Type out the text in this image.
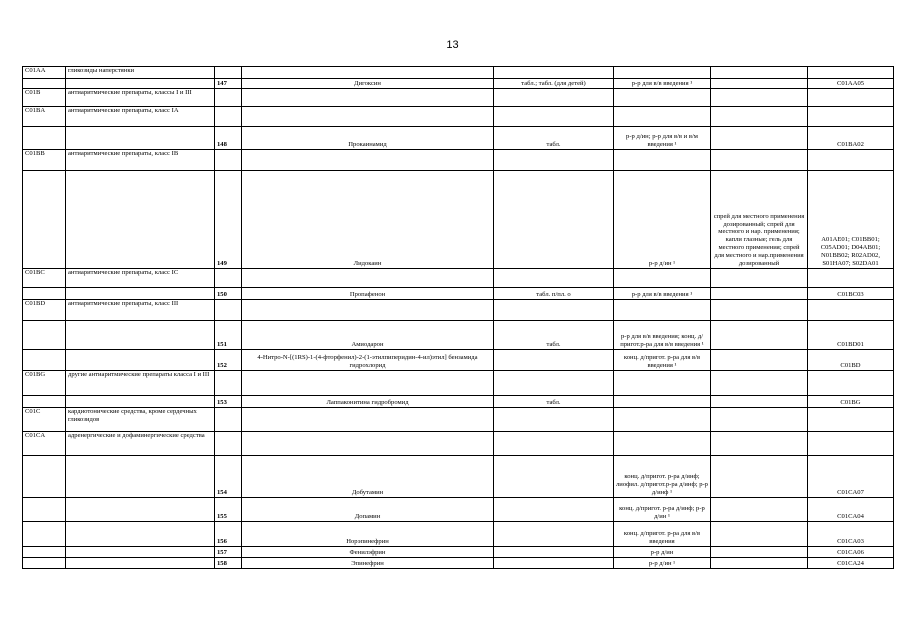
13
C01AA	гликозиды наперстянки						
		147	Дигоксин	табл.; табл. (для детей)	р-р для в/в введения ¹		C01AA05
C01B	антиаритмические препараты, классы I и III						
C01BA	антиаритмические препараты, класс IA						
		148	Прокаинамид	табл.	р-р д/ин; р-р для в/в и в/м введения ¹		C01BA02
C01BB	антиаритмические препараты, класс IB						
		149	Лидокаин		р-р д/ин ¹	спрей для местного применения дозированный; спрей для местного и нар. применения; капли глазные; гель для местного применения; спрей для местного и нар.применения дозированный	A01AE01; C01BB01; C05AD01; D04AB01; N01BB02; R02AD02, S01HA07; S02DA01
C01BC	антиаритмические препараты, класс IC						
		150	Пропафенон	табл. п/пл. о	р-р для в/в введения ¹		C01BC03
C01BD	антиаритмические препараты, класс III						
		151	Амиодарон	табл.	р-р для в/в введения; конц. д/пригот.р-ра для в/в введения ¹		C01BD01
		152	4-Нитро-N-[(1RS)-1-(4-фторфенил)-2-(1-этилпиперидин-4-ил)этил] бензамида гидрохлорид		конц. д/пригот. р-ра для в/в введения ¹		C01BD
C01BG	другие антиаритмические препараты класса I и III						
		153	Лаппаконитина гидробромид	табл.			C01BG
C01C	кардиотонические средства, кроме сердечных гликозидов						
C01CA	адренергические и дофаминергические средства						
		154	Добутамин		конц. д/пригот. р-ра д/инф; лиофил. д/пригот.р-ра д/инф; р-р д/инф ¹		C01CA07
		155	Допамин		конц. д/пригот. р-ра д/инф; р-р д/ин ¹		C01CA04
		156	Норэпинефрин		конц. д/пригот. р-ра для в/в введения		C01CA03
		157	Фенилэфрин		р-р д/ин		C01CA06
		158	Эпинефрин		р-р д/ин ¹		C01CA24
